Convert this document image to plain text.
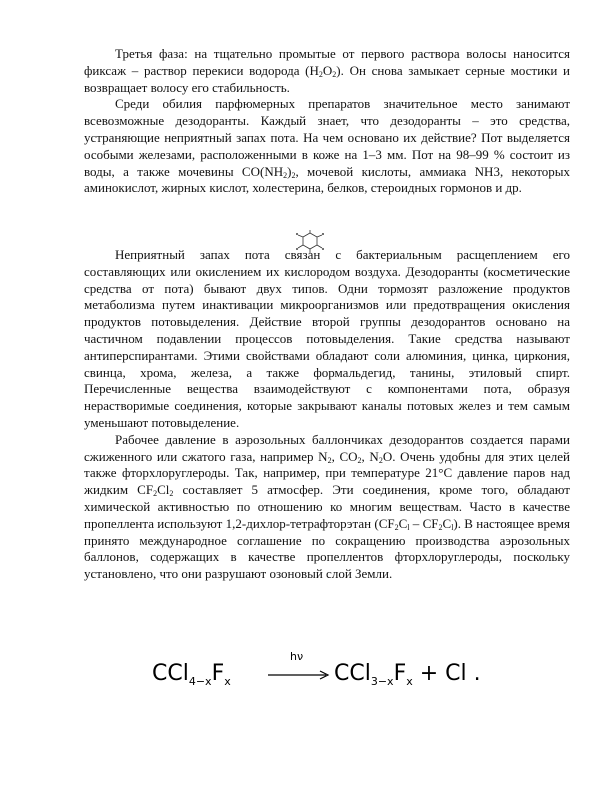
Третья фаза: на тщательно промытые от первого раствора волосы наносится фиксаж – раствор перекиси водорода $(H_2O_2)$. Он снова замыкает серные мостики и возвращает волосу его стабильность.

Среди обилия парфюмерных препаратов значительное место занимают всевозможные дезодоранты. Каждый знает, что дезодоранты – это средства, устраняющие неприятный запах пота. На чем основано их действие? Пот выделяется особыми железами, расположенными в коже на 1–3 мм. Пот на 98–99 % состоит из воды, а также мочевины $CO(NH_2)_2$, мочевой кислоты, аммиака NH3, некоторых аминокислот, жирных кислот, холестерина, белков, стероидных гормонов и др.

Неприятный запах пота связан с бактериальным расщеплением его составляющих или окислением их кислородом воздуха. Дезодоранты (косметические средства от пота) бывают двух типов. Одни тормозят разложение продуктов метаболизма путем инактивации микроорганизмов или предотвращения окисления продуктов потовыделения. Действие второй группы дезодорантов основано на частичном подавлении процессов потовыделения. Такие средства называют антиперспирантами. Этими свойствами обладают соли алюминия, цинка, циркония, свинца, хрома, железа, а также формальдегид, танины, этиловый спирт. Перечисленные вещества взаимодействуют с компонентами пота, образуя нерастворимые соединения, которые закрывают каналы потовых желез и тем самым уменьшают потовыделение.

Рабочее давление в аэрозольных баллончиках дезодорантов создается парами сжиженного или сжатого газа, например $N_2$, $CO_2$, $N_2O$. Очень удобны для этих целей также фторхлоруглероды. Так, например, при температуре 21°С давление паров над жидким $CF_2Cl_2$ составляет 5 атмосфер. Эти соединения, кроме того, обладают химической активностью по отношению ко многим веществам. Часто в качестве пропеллента используют 1,2-дихлор-тетрафторэтан $(CF_2C_l - CF_2C_l)$. В настоящее время принято международное соглашение по сокращению производства аэрозольных баллонов, содержащих в качестве пропеллентов фторхлоруглероды, поскольку установлено, что они разрушают озоновый слой Земли.

$CCl_{4-x}F_x$
hν
→ $CCl_{3-x}F_x + Cl$ .
